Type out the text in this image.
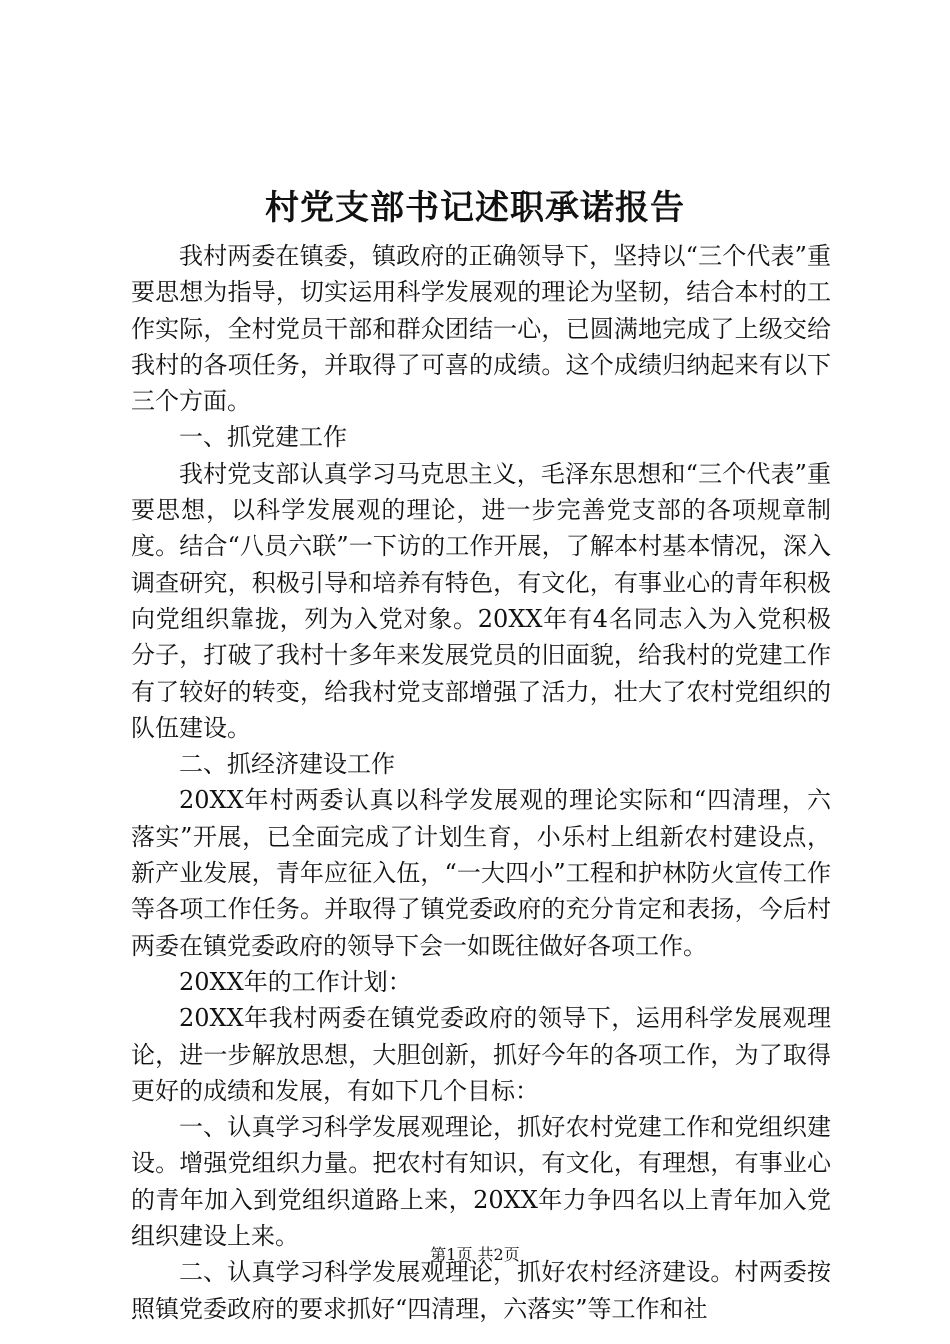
村党支部书记述职承诺报告

我村两委在镇委，镇政府的正确领导下，坚持以“三个代表”重要思想为指导，切实运用科学发展观的理论为坚韧，结合本村的工作实际，全村党员干部和群众团结一心，已圆满地完成了上级交给我村的各项任务，并取得了可喜的成绩。这个成绩归纳起来有以下三个方面。

一、抓党建工作

我村党支部认真学习马克思主义，毛泽东思想和“三个代表”重要思想，以科学发展观的理论，进一步完善党支部的各项规章制度。结合“八员六联”一下访的工作开展，了解本村基本情况，深入调查研究，积极引导和培养有特色，有文化，有事业心的青年积极向党组织靠拢，列为入党对象。20XX年有4名同志入为入党积极分子，打破了我村十多年来发展党员的旧面貌，给我村的党建工作有了较好的转变，给我村党支部增强了活力，壮大了农村党组织的队伍建设。

二、抓经济建设工作

20XX年村两委认真以科学发展观的理论实际和“四清理，六落实”开展，已全面完成了计划生育，小乐村上组新农村建设点，新产业发展，青年应征入伍，“一大四小”工程和护林防火宣传工作等各项工作任务。并取得了镇党委政府的充分肯定和表扬，今后村两委在镇党委政府的领导下会一如既往做好各项工作。

20XX年的工作计划：

20XX年我村两委在镇党委政府的领导下，运用科学发展观理论，进一步解放思想，大胆创新，抓好今年的各项工作，为了取得更好的成绩和发展，有如下几个目标：

一、认真学习科学发展观理论，抓好农村党建工作和党组织建设。增强党组织力量。把农村有知识，有文化，有理想，有事业心的青年加入到党组织道路上来，20XX年力争四名以上青年加入党组织建设上来。

二、认真学习科学发展观理论，抓好农村经济建设。村两委按照镇党委政府的要求抓好“四清理，六落实”等工作和社

第1页 共2页
